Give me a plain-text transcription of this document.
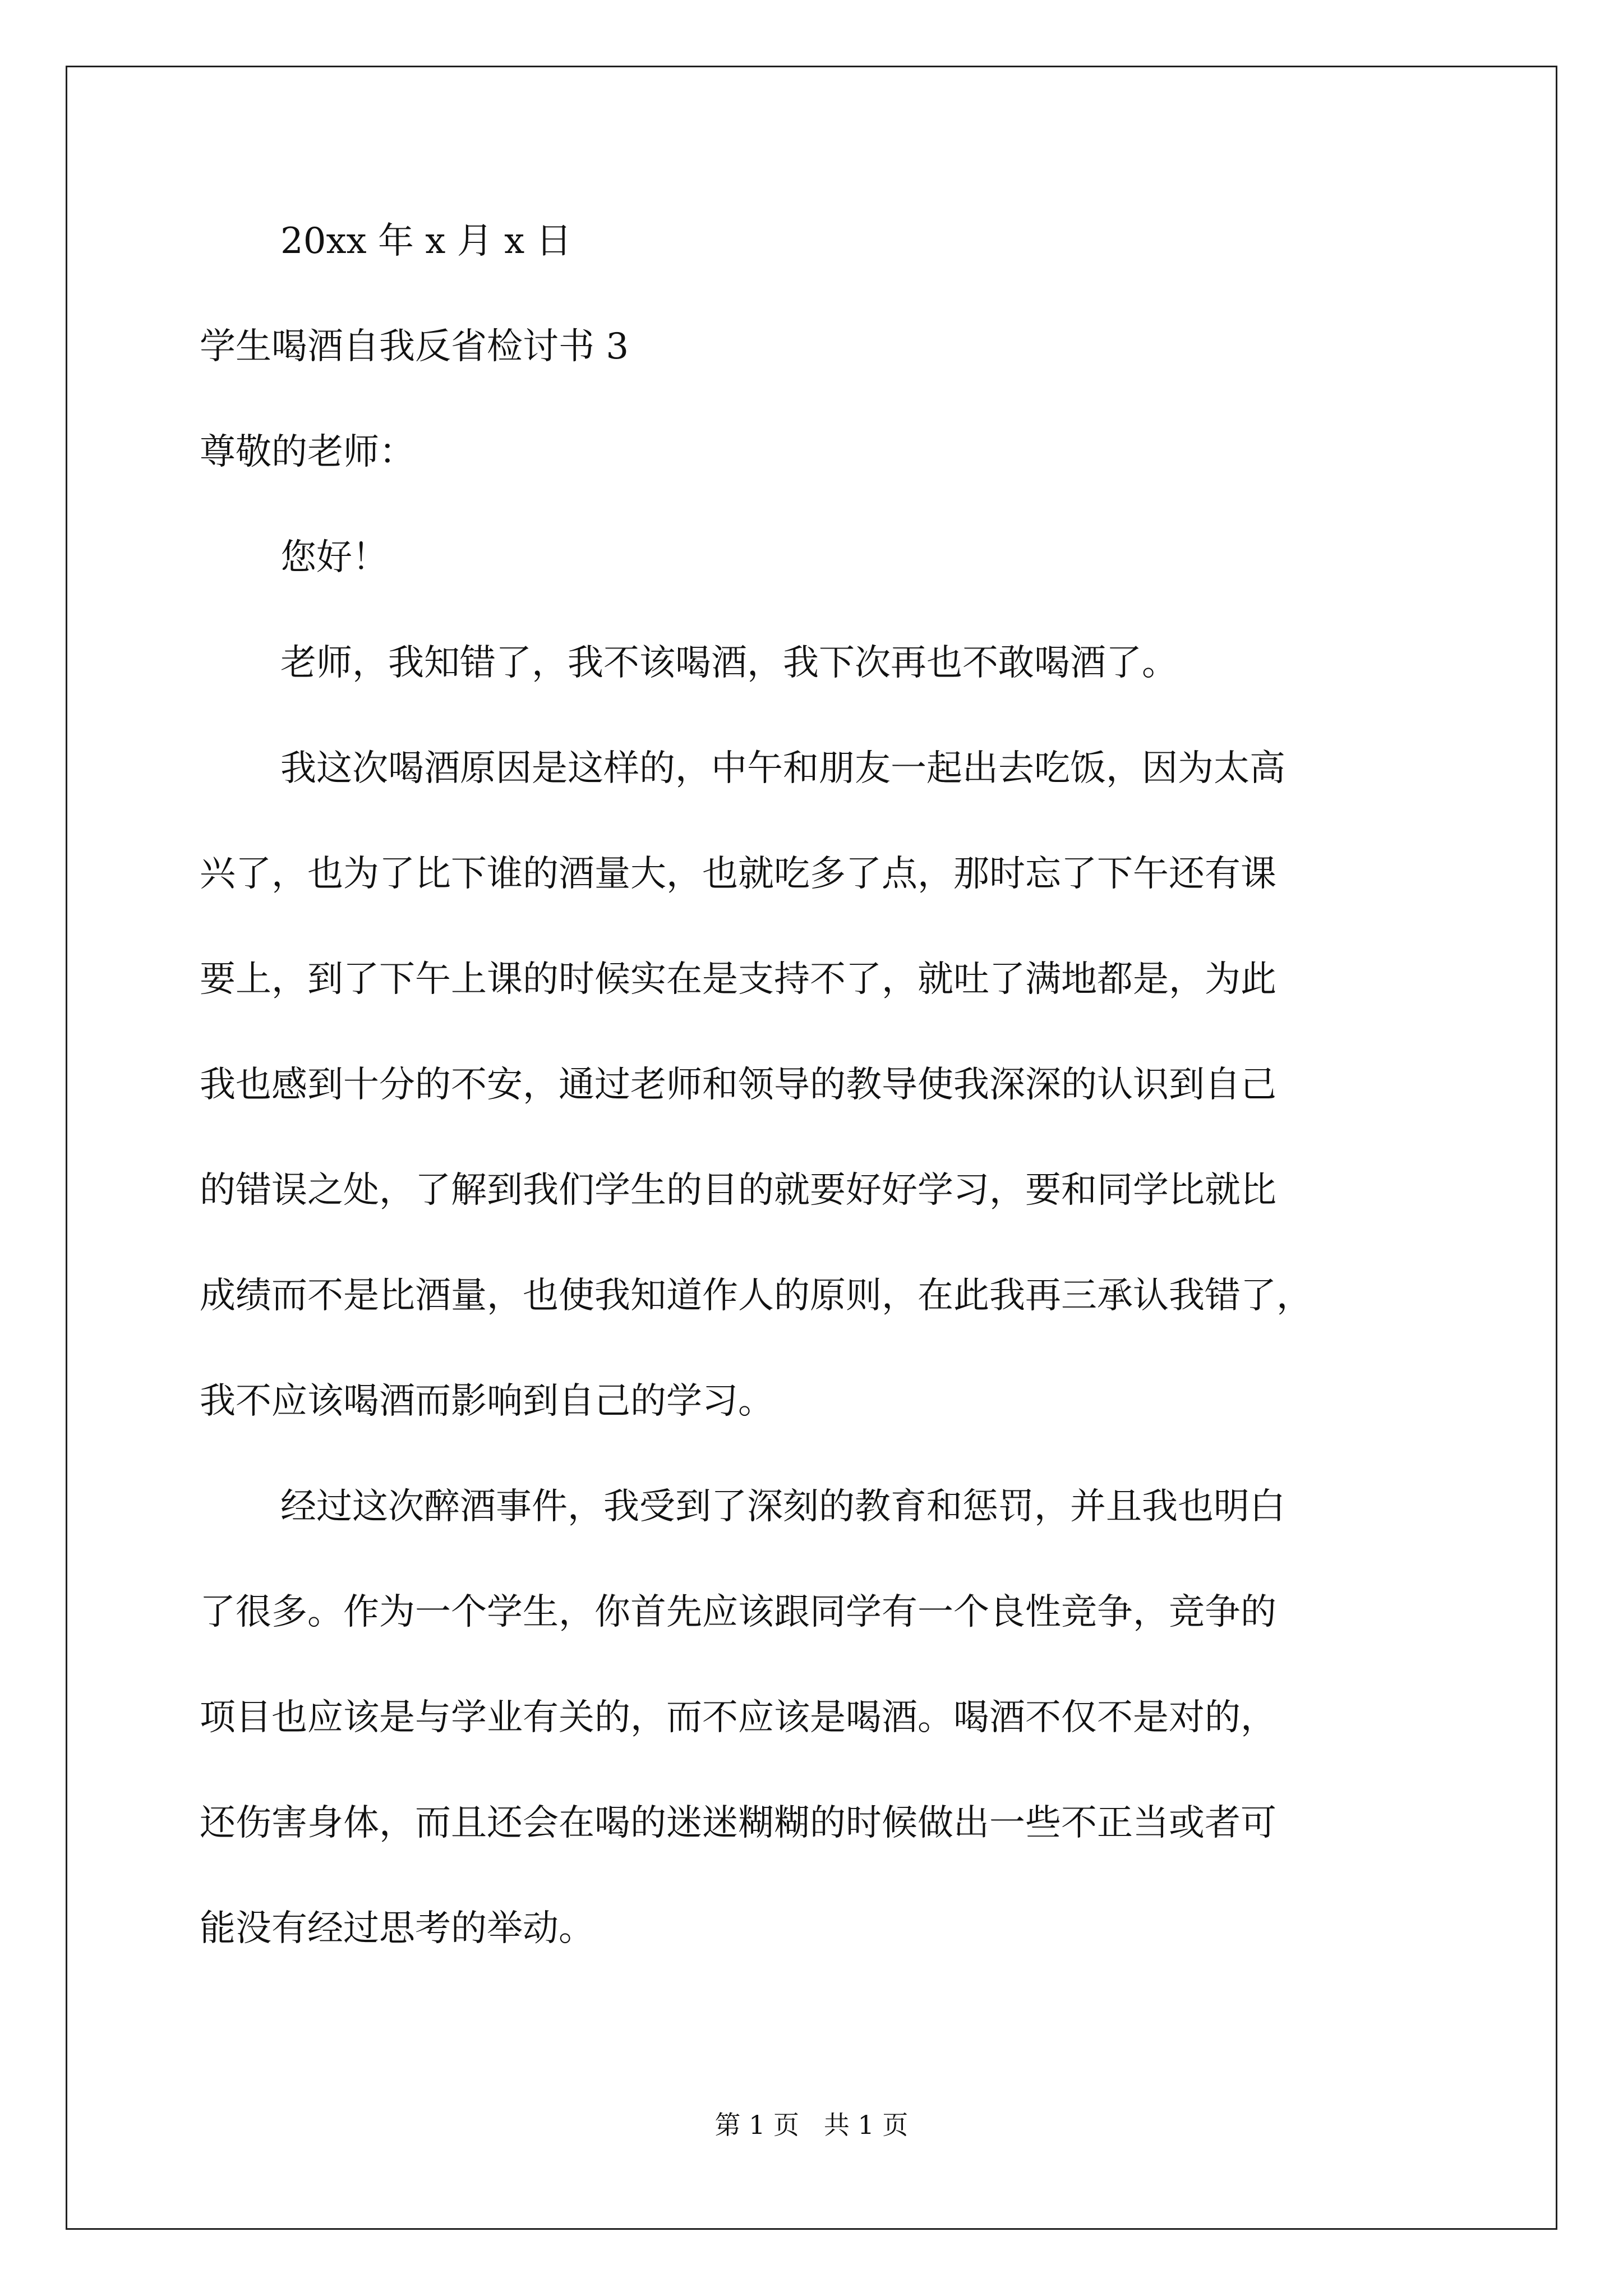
20xx 年 x 月 x 日
学生喝酒自我反省检讨书 3
尊敬的老师：
您好！
老师，我知错了，我不该喝酒，我下次再也不敢喝酒了。
我这次喝酒原因是这样的，中午和朋友一起出去吃饭，因为太高
兴了，也为了比下谁的酒量大，也就吃多了点，那时忘了下午还有课
要上，到了下午上课的时候实在是支持不了，就吐了满地都是，为此
我也感到十分的不安，通过老师和领导的教导使我深深的认识到自己
的错误之处，了解到我们学生的目的就要好好学习，要和同学比就比
成绩而不是比酒量，也使我知道作人的原则，在此我再三承认我错了，
我不应该喝酒而影响到自己的学习。
经过这次醉酒事件，我受到了深刻的教育和惩罚，并且我也明白
了很多。作为一个学生，你首先应该跟同学有一个良性竞争，竞争的
项目也应该是与学业有关的，而不应该是喝酒。喝酒不仅不是对的，
还伤害身体，而且还会在喝的迷迷糊糊的时候做出一些不正当或者可
能没有经过思考的举动。
第 1 页   共 1 页
